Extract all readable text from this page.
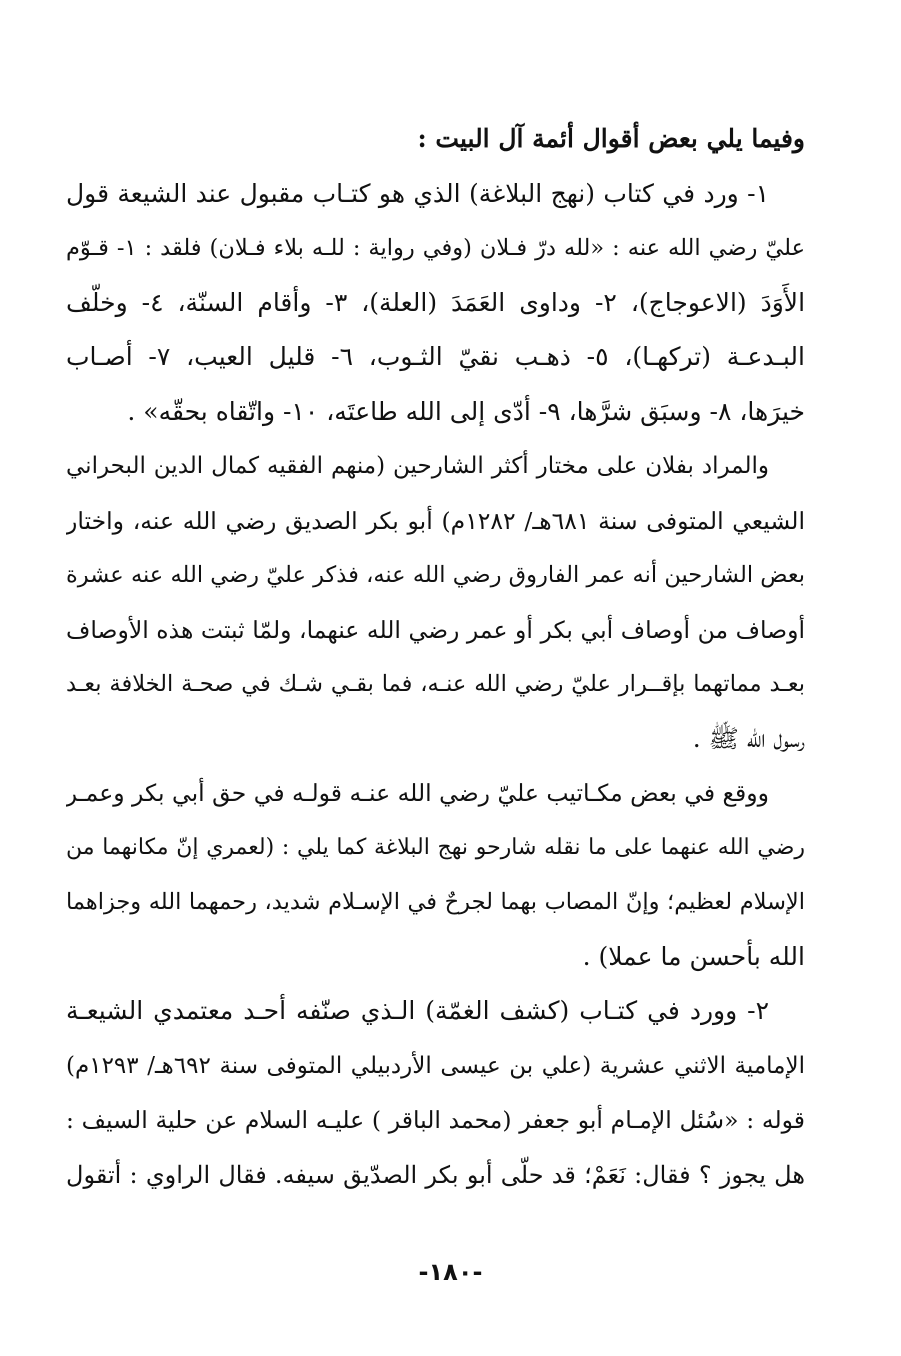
وفيما يلي بعض أقوال أئمة آل البيت :
١- ورد في كتاب (نهج البلاغة) الذي هو كتـاب مقبول عند الشيعة قول
عليّ رضي الله عنه : «لله درّ فـلان (وفي رواية : للـه بلاء فـلان) فلقد : ١- قـوّم
الأَوَدَ (الاعوجاج)، ٢- وداوى العَمَدَ (العلة)، ٣- وأقام السنّة، ٤- وخلّف
البـدعـة (تركهـا)، ٥- ذهـب نقيّ الثـوب، ٦- قليل العيب، ٧- أصـاب
خيرَها، ٨- وسبَق شرَّها، ٩- أدّى إلى الله طاعتَه، ١٠- واتّقاه بحقّه» .
والمراد بفلان على مختار أكثر الشارحين (منهم الفقيه كمال الدين البحراني
الشيعي المتوفى سنة ٦٨١هـ/ ١٢٨٢م) أبو بكر الصديق رضي الله عنه، واختار
بعض الشارحين أنه عمر الفاروق رضي الله عنه، فذكر عليّ رضي الله عنه عشرة
أوصاف من أوصاف أبي بكر أو عمر رضي الله عنهما، ولمّا ثبتت هذه الأوصاف
بعـد مماتهما بإقــرار عليّ رضي الله عنـه، فما بقـي شـك في صحـة الخلافة بعـد
رسول الله ﷺ .
ووقع في بعض مكـاتيب عليّ رضي الله عنـه قولـه في حق أبي بكر وعمـر
رضي الله عنهما على ما نقله شارحو نهج البلاغة كما يلي : (لعمري إنّ مكانهما من
الإسلام لعظيم؛ وإنّ المصاب بهما لجرحٌ في الإسـلام شديد، رحمهما الله وجزاهما
الله بأحسن ما عملا) .
٢- وورد في كتـاب (كشف الغمّة) الـذي صنّفه أحـد معتمدي الشيعـة
الإمامية الاثني عشرية (علي بن عيسى الأردبيلي المتوفى سنة ٦٩٢هـ/ ١٢٩٣م)
قوله : «سُئل الإمـام أبو جعفر (محمد الباقر ) عليـه السلام عن حلية السيف :
هل يجوز ؟ فقال: نَعَمْ؛ قد حلّى أبو بكر الصدّيق سيفه. فقال الراوي : أتقول
-١٨٠-
